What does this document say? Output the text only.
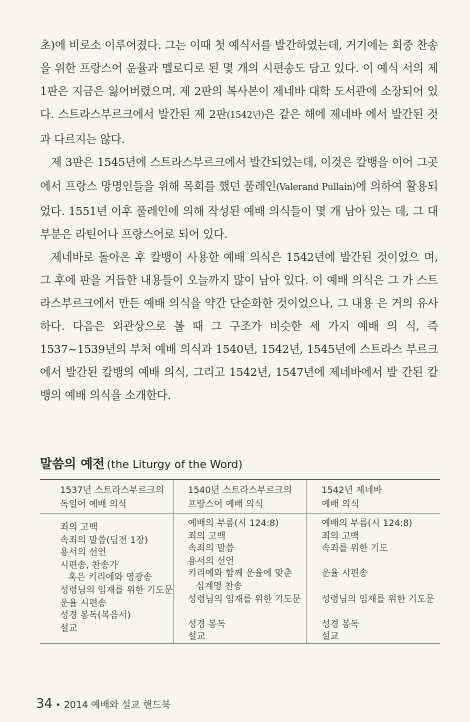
초)에 비로소 이루어졌다. 그는 이때 첫 예식서를 발간하였는데, 거기에는 회중 찬송을 위한 프랑스어 운율과 멜로디로 된 몇 개의 시편송도 담고 있다. 이 예식 서의 제 1판은 지금은 잃어버렸으며, 제 2판의 복사본이 제네바 대학 도서관에 소장되어 있다. 스트라스부르크에서 발간된 제 2판(1542년)은 같은 해에 제네바 에서 발간된 것과 다르지는 않다.

제 3판은 1545년에 스트라스부르크에서 발간되었는데, 이것은 칼뱅을 이어 그곳에서 프랑스 망명인들을 위해 목회를 했던 풀레인(Valerand Pullain)에 의하여 활용되었다. 1551년 이후 풀레인에 의해 작성된 예배 의식들이 몇 개 남아 있는 데, 그 대부분은 라틴어나 프랑스어로 되어 있다.

제네바로 돌아온 후 칼뱅이 사용한 예배 의식은 1542년에 발간된 것이었으 며, 그 후에 판을 거듭한 내용들이 오늘까지 많이 남아 있다. 이 예배 의식은 그 가 스트라스부르크에서 만든 예배 의식을 약간 단순화한 것이었으나, 그 내용 은 거의 유사하다. 다음은 외관상으로 볼 때 그 구조가 비슷한 세 가지 예배 의 식, 즉 1537~1539년의 부처 예배 의식과 1540년, 1542년, 1545년에 스트라스 부르크에서 발간된 칼뱅의 예배 의식, 그리고 1542년, 1547년에 제네바에서 발 간된 칼뱅의 예배 의식을 소개한다.

말씀의 예전 (the Liturgy of the Word)
1537년 스트라스부르크의
독일어 예배 의식
죄의 고백
속죄의 말씀(딤전 1장)
용서의 선언
시편송, 찬송가
혹은 키리에와 영광송
성령님의 임재를 위한 기도문
운율 시편송
성경 봉독(복음서)
설교
1540년 스트라스부르크의
프랑스어 예배 의식
예배의 부름(시 124:8)
죄의 고백
속죄의 말씀
용서의 선언
키리에와 함께 운율에 맞춘
십계명 찬송
성령님의 임재를 위한 기도문
성경 봉독
설교
1542년 제네바
예배 의식
예배의 부름(시 124:8)
죄의 고백
속죄를 위한 기도
운율 시편송
성령님의 임재를 위한 기도문
성경 봉독
설교
34 • 2014 예배와 설교 핸드북
